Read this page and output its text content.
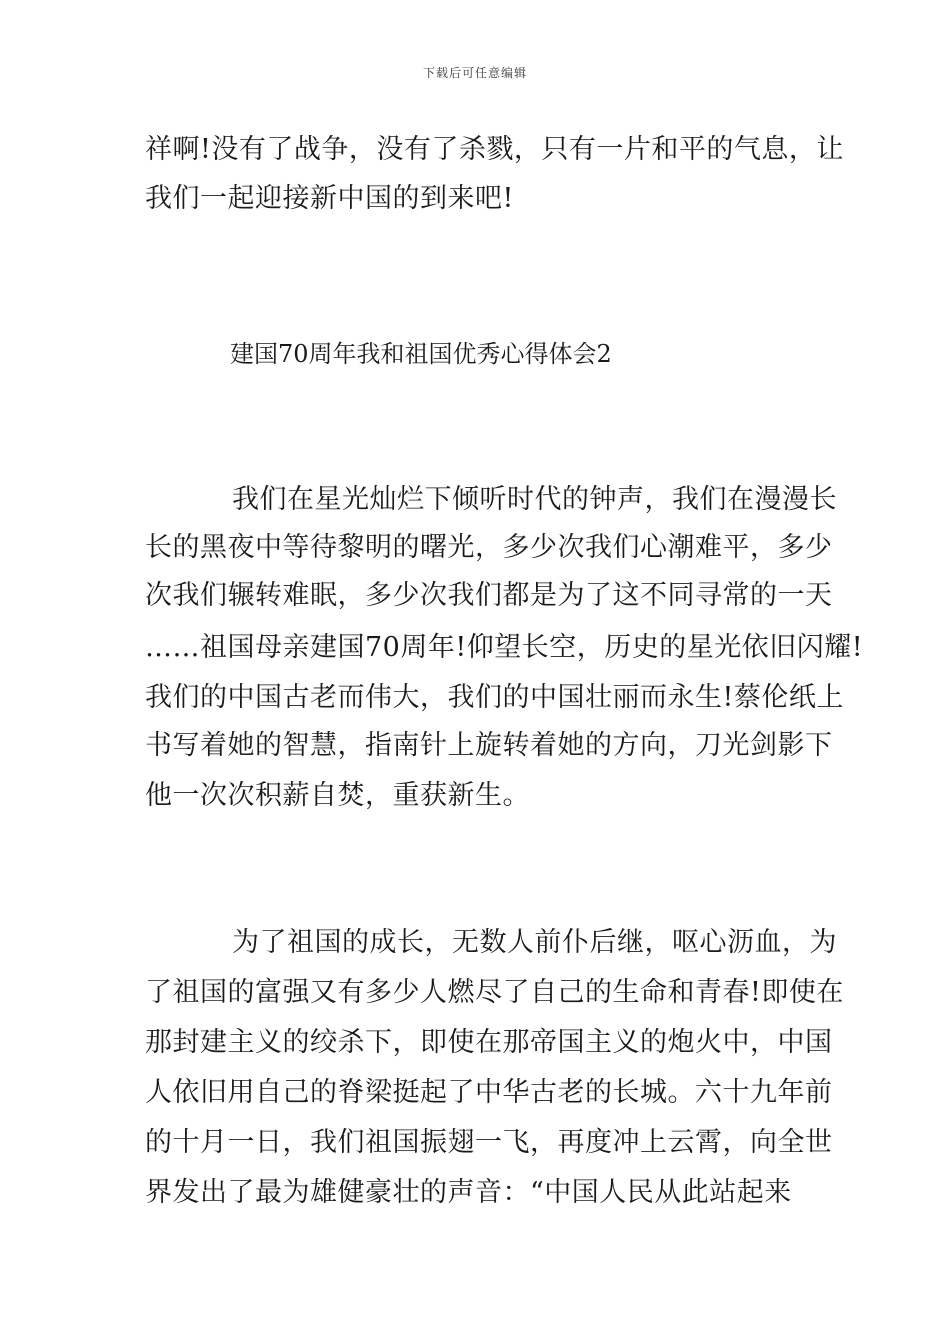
下载后可任意编辑
祥啊!没有了战争，没有了杀戮，只有一片和平的气息，让
我们一起迎接新中国的到来吧!
建国70周年我和祖国优秀心得体会2
我们在星光灿烂下倾听时代的钟声，我们在漫漫长
长的黑夜中等待黎明的曙光，多少次我们心潮难平，多少
次我们辗转难眠，多少次我们都是为了这不同寻常的一天
……祖国母亲建国70周年!仰望长空，历史的星光依旧闪耀!
我们的中国古老而伟大，我们的中国壮丽而永生!蔡伦纸上
书写着她的智慧，指南针上旋转着她的方向，刀光剑影下
他一次次积薪自焚，重获新生。
为了祖国的成长，无数人前仆后继，呕心沥血，为
了祖国的富强又有多少人燃尽了自己的生命和青春!即使在
那封建主义的绞杀下，即使在那帝国主义的炮火中，中国
人依旧用自己的脊梁挺起了中华古老的长城。六十九年前
的十月一日，我们祖国振翅一飞，再度冲上云霄，向全世
界发出了最为雄健豪壮的声音：“中国人民从此站起来
